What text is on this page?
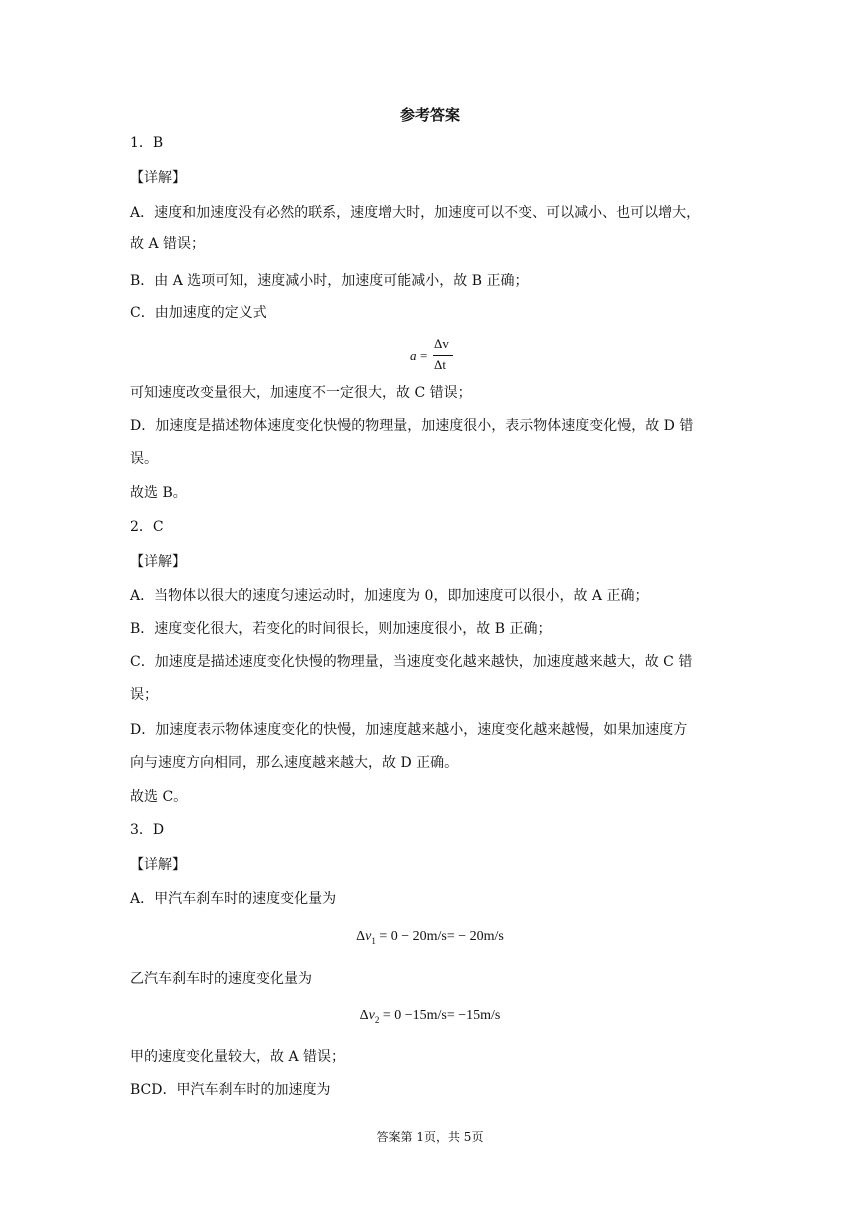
参考答案
1．B
【详解】
A．速度和加速度没有必然的联系，速度增大时，加速度可以不变、可以减小、也可以增大，
故 A 错误；
B．由 A 选项可知，速度减小时，加速度可能减小，故 B 正确；
C．由加速度的定义式
a =
Δv
Δt
可知速度改变量很大，加速度不一定很大，故 C 错误；
D．加速度是描述物体速度变化快慢的物理量，加速度很小，表示物体速度变化慢，故 D 错
误。
故选 B。
2．C
【详解】
A．当物体以很大的速度匀速运动时，加速度为 0，即加速度可以很小，故 A 正确；
B．速度变化很大，若变化的时间很长，则加速度很小，故 B 正确；
C．加速度是描述速度变化快慢的物理量，当速度变化越来越快，加速度越来越大，故 C 错
误；
D．加速度表示物体速度变化的快慢，加速度越来越小，速度变化越来越慢，如果加速度方
向与速度方向相同，那么速度越来越大，故 D 正确。
故选 C。
3．D
【详解】
A．甲汽车刹车时的速度变化量为
$\Delta v_1 = 0 - 20m/s= - 20m/s$
乙汽车刹车时的速度变化量为
$\Delta v_2 = 0 -15m/s= -15m/s$
甲的速度变化量较大，故 A 错误；
BCD．甲汽车刹车时的加速度为
答案第 1页，共 5页
